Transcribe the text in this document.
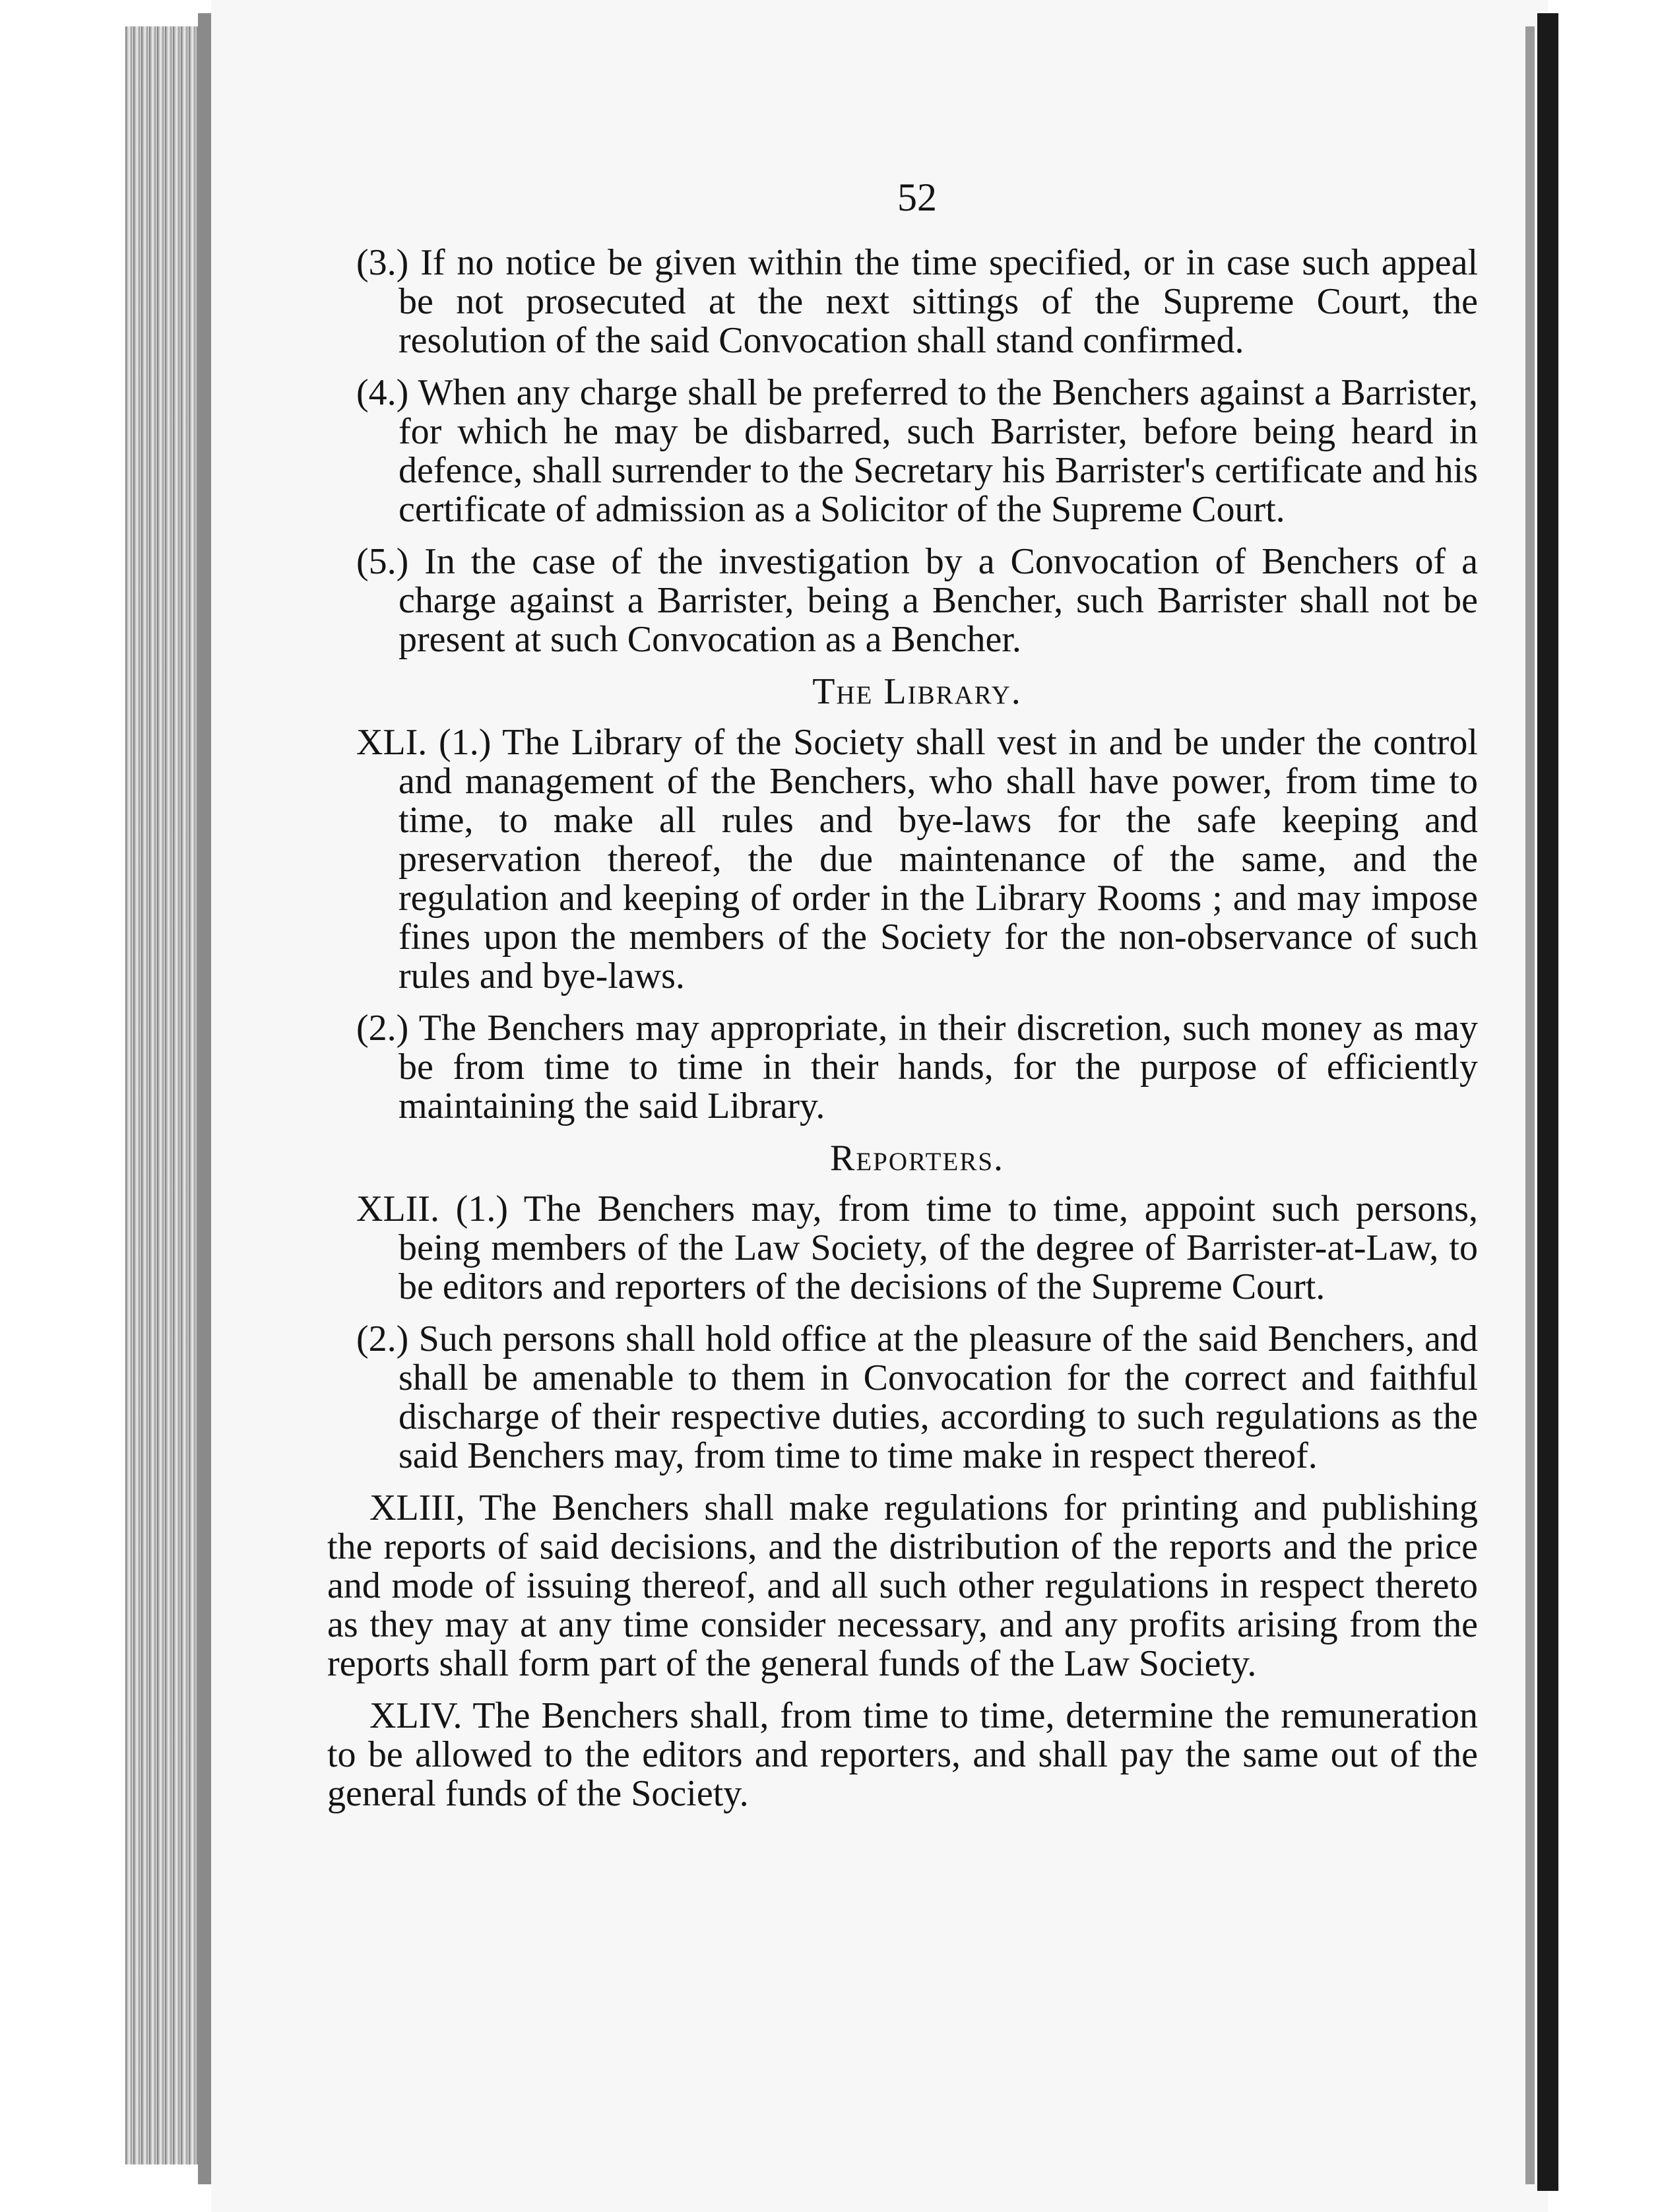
52

(3.) If no notice be given within the time specified, or in case such appeal be not prosecuted at the next sittings of the Supreme Court, the resolution of the said Convocation shall stand confirmed.

(4.) When any charge shall be preferred to the Benchers against a Barrister, for which he may be disbarred, such Barrister, before being heard in defence, shall surrender to the Secretary his Barrister's certificate and his certificate of admission as a Solicitor of the Supreme Court.

(5.) In the case of the investigation by a Convocation of Benchers of a charge against a Barrister, being a Bencher, such Barrister shall not be present at such Convocation as a Bencher.

The Library.

XLI. (1.) The Library of the Society shall vest in and be under the control and management of the Benchers, who shall have power, from time to time, to make all rules and bye-laws for the safe keeping and preservation thereof, the due maintenance of the same, and the regulation and keeping of order in the Library Rooms ; and may impose fines upon the members of the Society for the non-observance of such rules and bye-laws.

(2.) The Benchers may appropriate, in their discretion, such money as may be from time to time in their hands, for the purpose of efficiently maintaining the said Library.

Reporters.

XLII. (1.) The Benchers may, from time to time, appoint such persons, being members of the Law Society, of the degree of Barrister-at-Law, to be editors and reporters of the decisions of the Supreme Court.

(2.) Such persons shall hold office at the pleasure of the said Benchers, and shall be amenable to them in Convocation for the correct and faithful discharge of their respective duties, according to such regulations as the said Benchers may, from time to time make in respect thereof.

XLIII, The Benchers shall make regulations for printing and publishing the reports of said decisions, and the distribution of the reports and the price and mode of issuing thereof, and all such other regulations in respect thereto as they may at any time consider necessary, and any profits arising from the reports shall form part of the general funds of the Law Society.

XLIV. The Benchers shall, from time to time, determine the remuneration to be allowed to the editors and reporters, and shall pay the same out of the general funds of the Society.
